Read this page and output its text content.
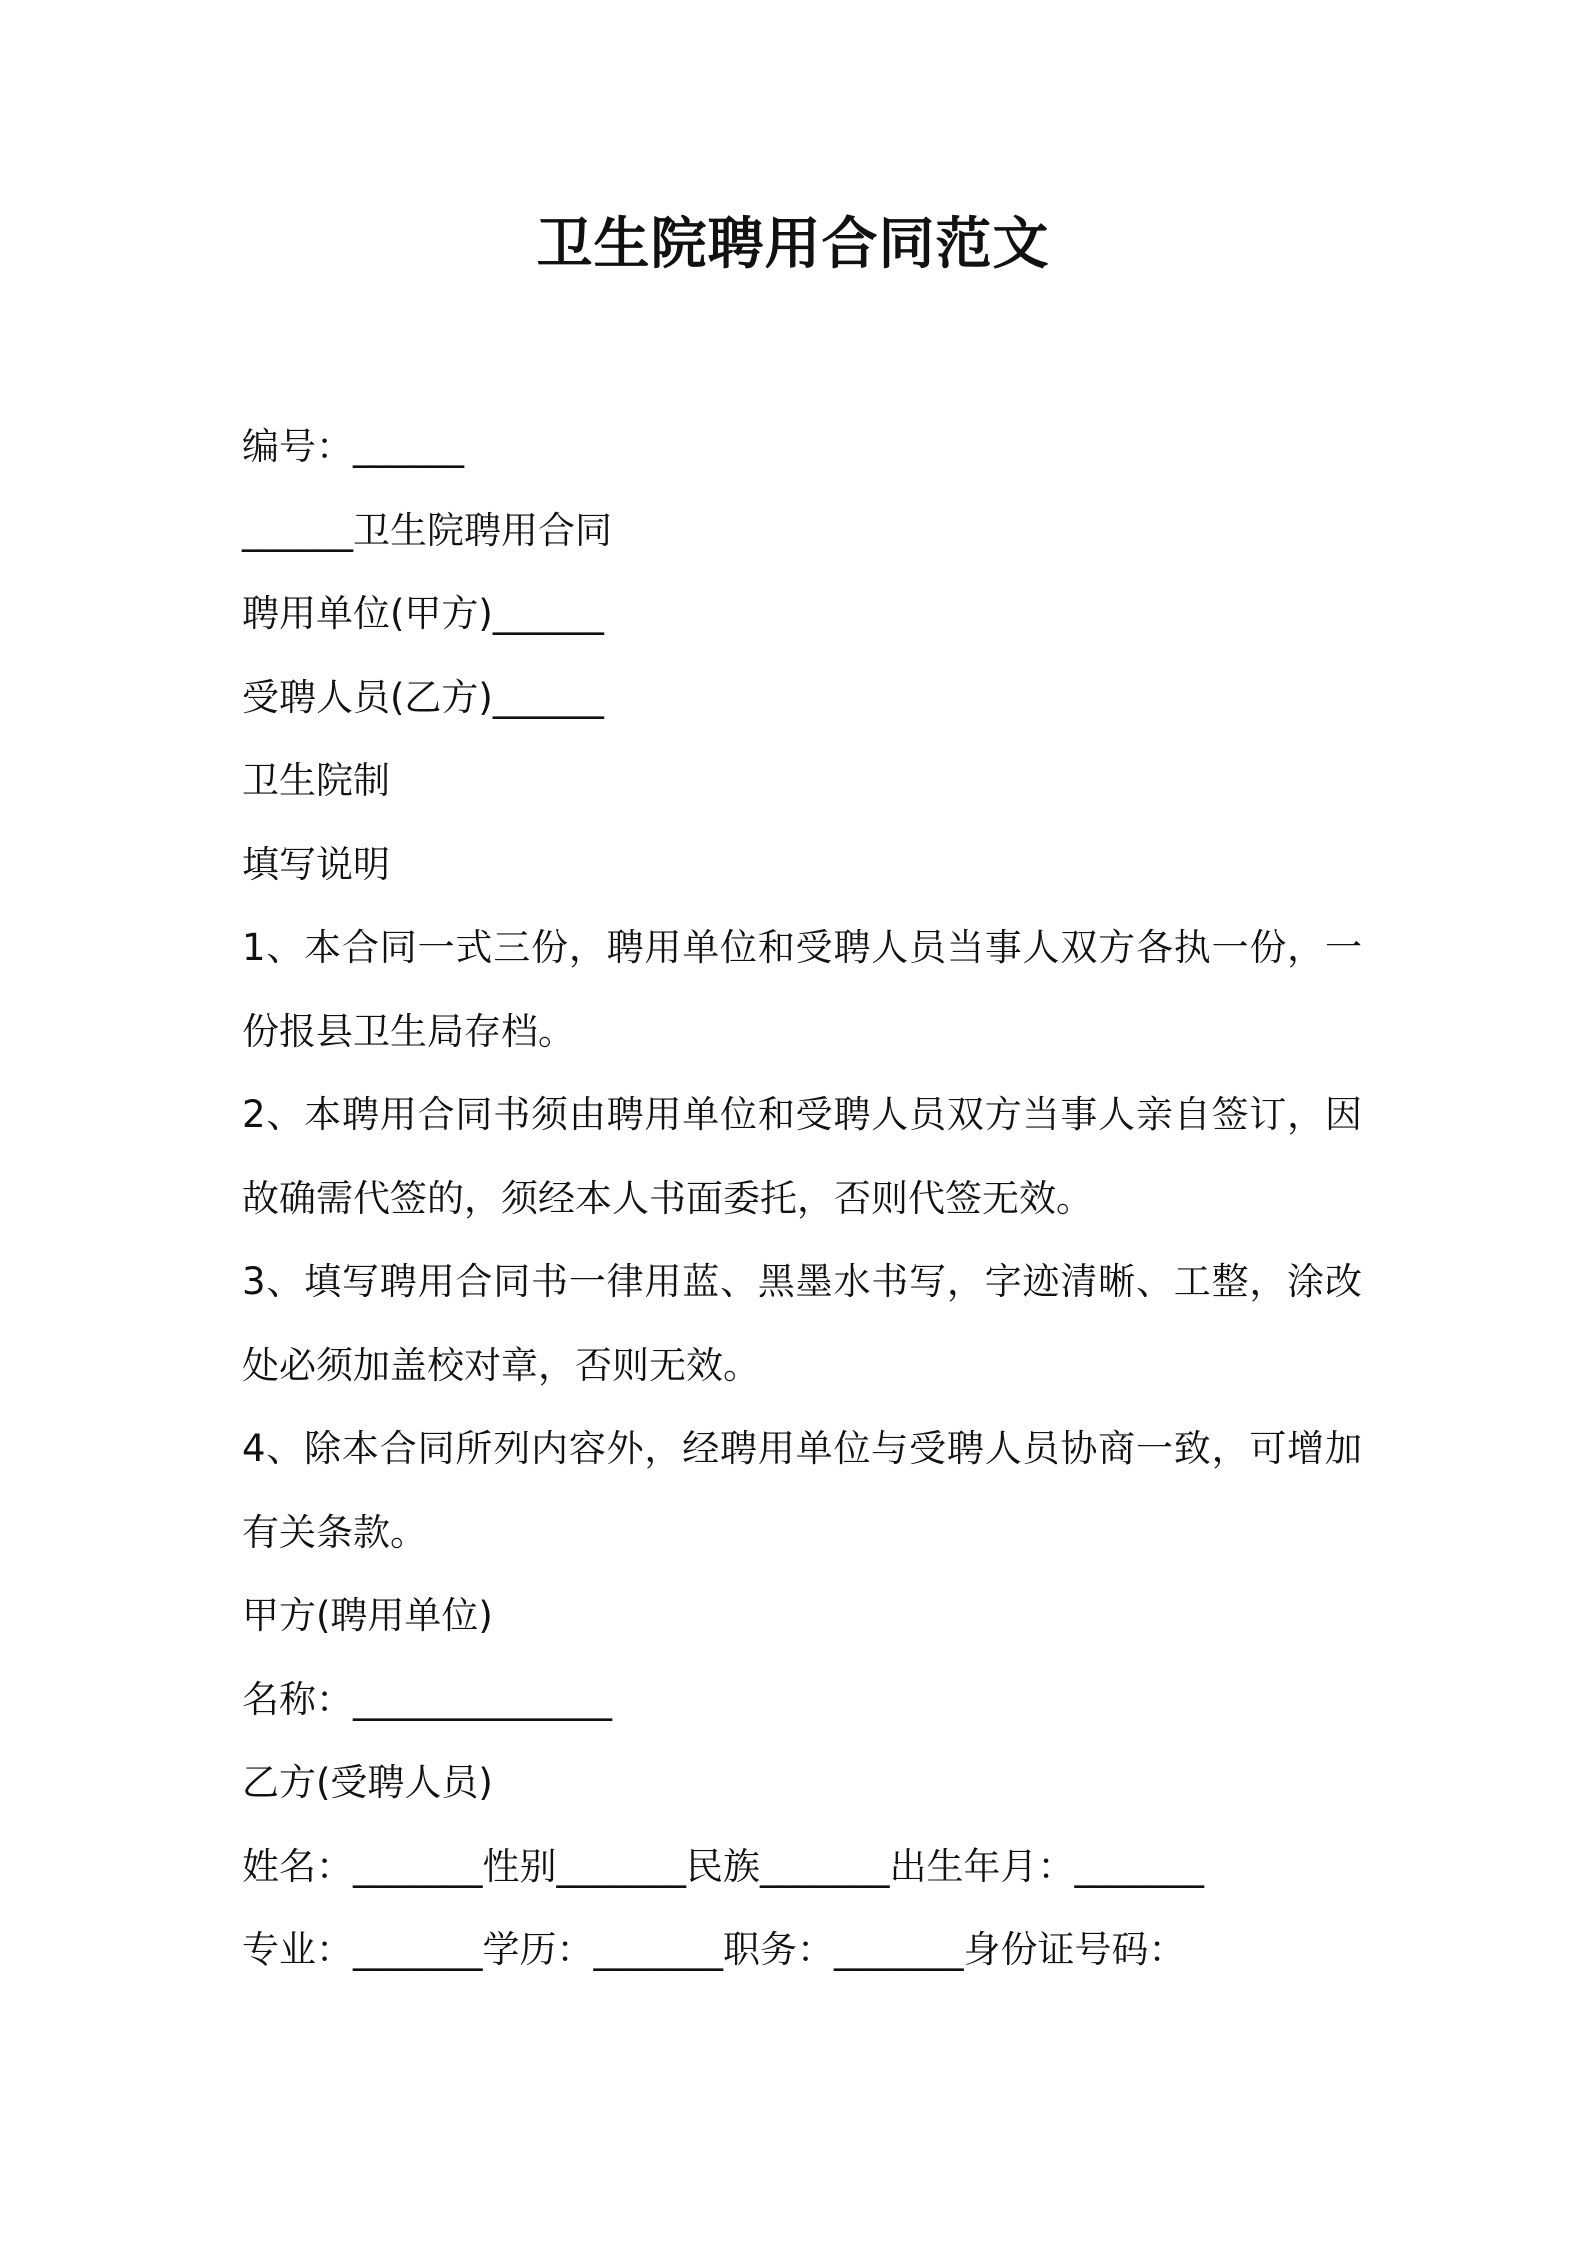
卫生院聘用合同范文

编号：______

______卫生院聘用合同

聘用单位(甲方)______

受聘人员(乙方)______

卫生院制

填写说明

1、本合同一式三份，聘用单位和受聘人员当事人双方各执一份，一份报县卫生局存档。

2、本聘用合同书须由聘用单位和受聘人员双方当事人亲自签订，因故确需代签的，须经本人书面委托，否则代签无效。

3、填写聘用合同书一律用蓝、黑墨水书写，字迹清晰、工整，涂改处必须加盖校对章，否则无效。

4、除本合同所列内容外，经聘用单位与受聘人员协商一致，可增加有关条款。

甲方(聘用单位)

名称：______________

乙方(受聘人员)

姓名：_______性别_______民族_______出生年月：_______

专业：_______学历：_______职务：_______身份证号码：
